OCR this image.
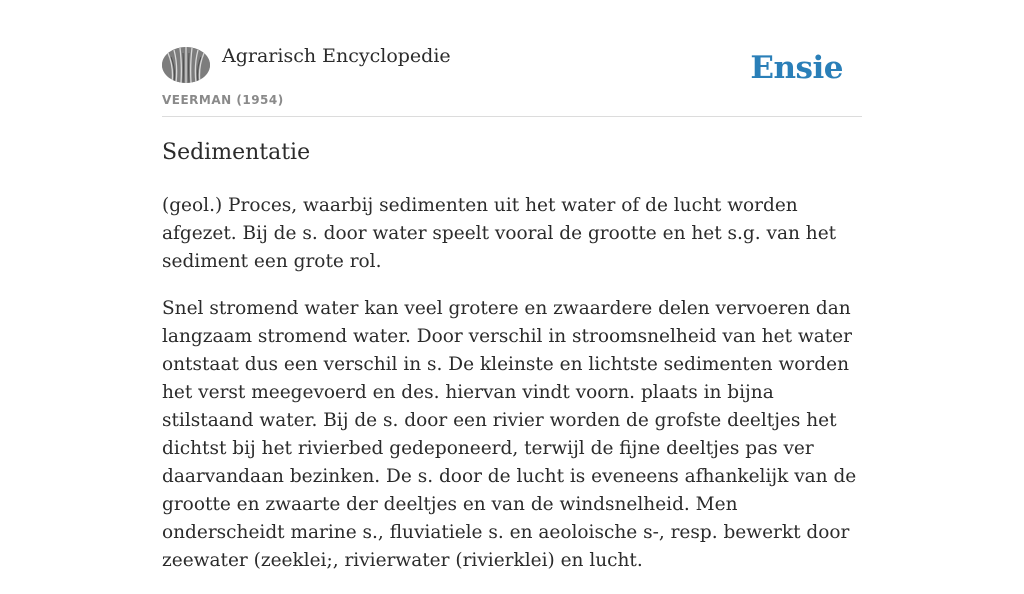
Agrarisch Encyclopedie
VEERMAN (1954)
Ensie
Sedimentatie

(geol.) Proces, waarbij sedimenten uit het water of de lucht worden afgezet. Bij de s. door water speelt vooral de grootte en het s.g. van het sediment een grote rol.

Snel stromend water kan veel grotere en zwaardere delen vervoeren dan langzaam stromend water. Door verschil in stroomsnelheid van het water ontstaat dus een verschil in s. De kleinste en lichtste sedimenten worden het verst meegevoerd en des. hiervan vindt voorn. plaats in bijna stilstaand water. Bij de s. door een rivier worden de grofste deeltjes het dichtst bij het rivierbed gedeponeerd, terwijl de fijne deeltjes pas ver daarvandaan bezinken. De s. door de lucht is eveneens afhankelijk van de grootte en zwaarte der deeltjes en van de windsnelheid. Men onderscheidt marine s., fluviatiele s. en aeoloische s-, resp. bewerkt door zeewater (zeeklei;, rivierwater (rivierklei) en lucht.
